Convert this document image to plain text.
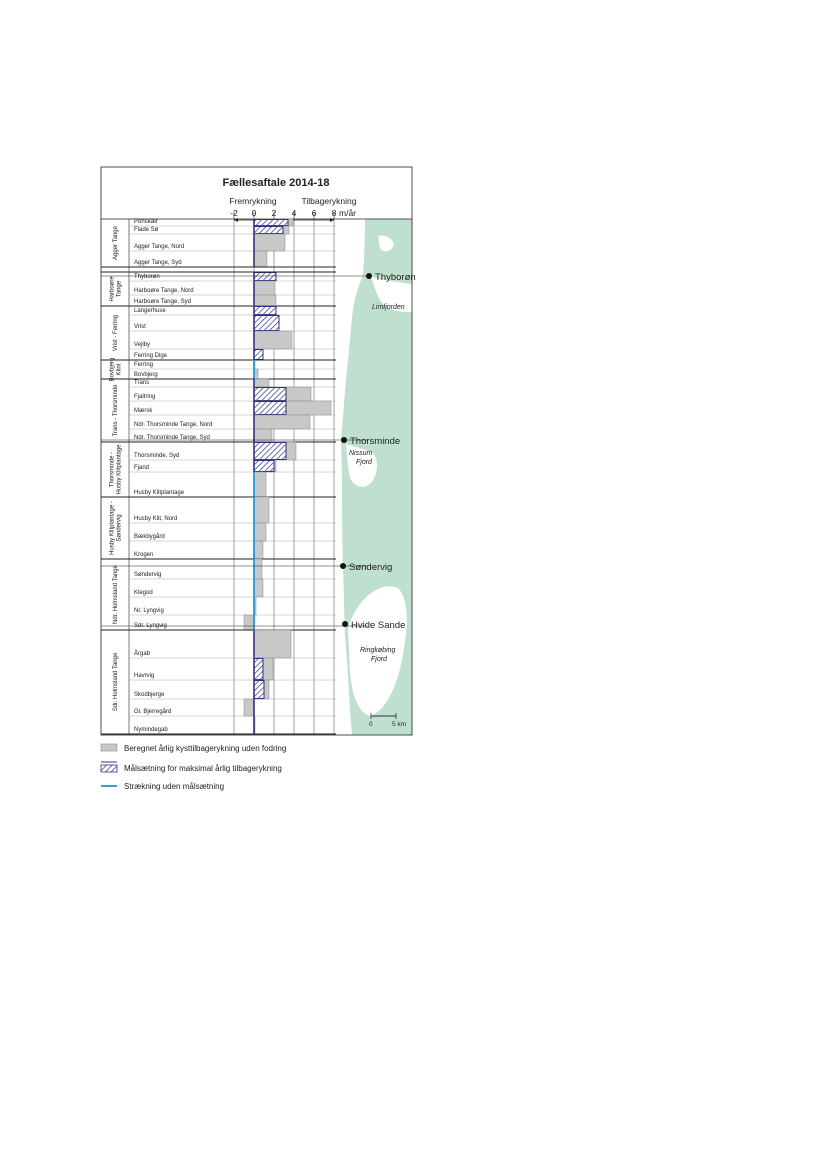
Fællesaftale 2014-18
Fremrykning	Tilbagerykning
m/år
-2 0 2 4 6 8
Ponskær
Flade Sø
Agger Tange, Nord
Agger Tange, Syd
Agger Tange
Thyborøn
Harboøre Tange, Nord
Harboøre Tange, Syd
HarboøreTange
Langerhuse
Vrist
Vejlby
Ferring Dige
Vrist - Ferring
Ferring
Bovbjerg
BovbjergKlint
Trans
Fjaltring
Mærsk
Ndr. Thorsminde Tange, Nord
Ndr. Thorsminde Tange, Syd
Trans - Thorsminde
Thorsminde, Syd
Fjand
Husby Klitplantage
Thorsminde -Husby Klitplantage
Husby Klit, Nord
Bækbygård
Krogen
Husby Klitplantage -Søndervig
Søndervig
Klegod
Nr. Lyngvig
Sdr. Lyngvig
Ndr. Holmsland Tange
Årgab
Havrvig
Skodbjerge
Gl. Bjerregård
Nymindegab
Sdr. Holmsland Tange
Thyborøn
Thorsminde
Søndervig
Hvide Sande
Limfjorden
Nissum
Fjord
Ringkøbing
Fjord
0	5 km
Beregnet årlig kysttilbagerykning uden fodring
Målsætning for maksimal årlig tilbagerykning
Strækning uden målsætning
